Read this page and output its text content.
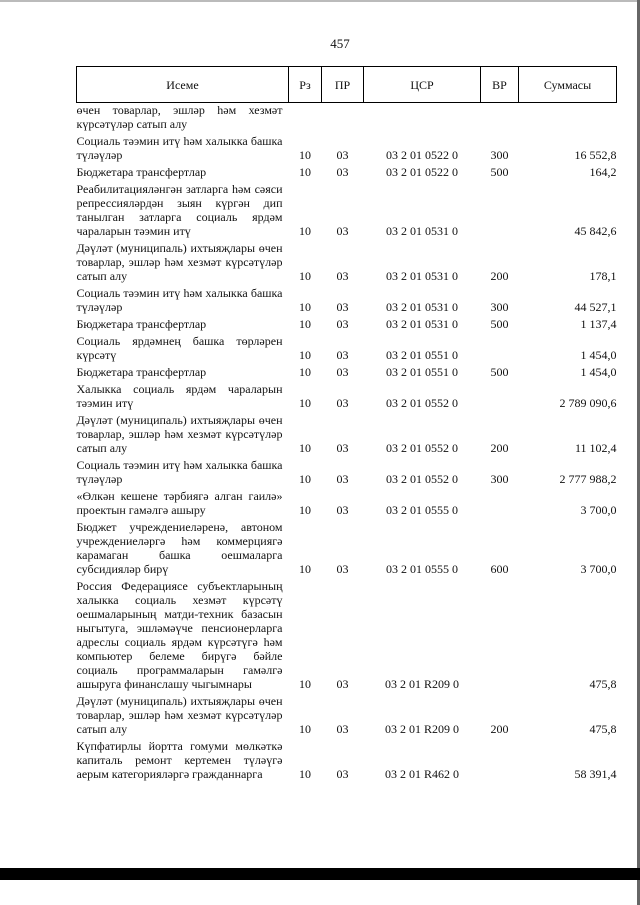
457
Исеме	Рз	ПР	ЦСР	ВР	Суммасы
өчен товарлар, эшләр һәм хезмәт күрсәтүләр сатып алу					

Социаль тәэмин итү һәм халыкка башка түләүләр	10	03	03 2 01 0522 0	300	16 552,8

Бюджетара трансфертлар	10	03	03 2 01 0522 0	500	164,2

Реабилитацияләнгән затларга һәм сәяси репрессияләрдән зыян күргән дип танылган затларга социаль ярдәм чараларын тәэмин итү	10	03	03 2 01 0531 0		45 842,6

Дәүләт (муниципаль) ихтыяҗлары өчен товарлар, эшләр һәм хезмәт күрсәтүләр сатып алу	10	03	03 2 01 0531 0	200	178,1

Социаль тәэмин итү һәм халыкка башка түләүләр	10	03	03 2 01 0531 0	300	44 527,1

Бюджетара трансфертлар	10	03	03 2 01 0531 0	500	1 137,4

Социаль ярдәмнең башка төрләрен күрсәтү	10	03	03 2 01 0551 0		1 454,0

Бюджетара трансфертлар	10	03	03 2 01 0551 0	500	1 454,0

Халыкка социаль ярдәм чараларын тәэмин итү	10	03	03 2 01 0552 0		2 789 090,6

Дәүләт (муниципаль) ихтыяҗлары өчен товарлар, эшләр һәм хезмәт күрсәтүләр сатып алу	10	03	03 2 01 0552 0	200	11 102,4

Социаль тәэмин итү һәм халыкка башка түләүләр	10	03	03 2 01 0552 0	300	2 777 988,2

«Өлкән кешене тәрбиягә алган гаилә» проектын гамәлгә ашыру	10	03	03 2 01 0555 0		3 700,0

Бюджет учреждениеләренә, автоном учреждениеләргә һәм коммерциягә карамаган башка оешмаларга субсидияләр бирү	10	03	03 2 01 0555 0	600	3 700,0

Россия Федерациясе субъектларының халыкка социаль хезмәт күрсәтү оешмаларының матди-техник базасын ныгытуга, эшләмәүче пенсионерларга адреслы социаль ярдәм күрсәтүгә һәм компьютер белеме бирүгә бәйле социаль программаларын гамәлгә ашыруга финанслашу чыгымнары	10	03	03 2 01 R209 0		475,8

Дәүләт (муниципаль) ихтыяҗлары өчен товарлар, эшләр һәм хезмәт күрсәтүләр сатып алу	10	03	03 2 01 R209 0	200	475,8

Күпфатирлы йортта гомуми мөлкәткә капиталь ремонт кертемен түләүгә аерым категорияләргә гражданнарга	10	03	03 2 01 R462 0		58 391,4
